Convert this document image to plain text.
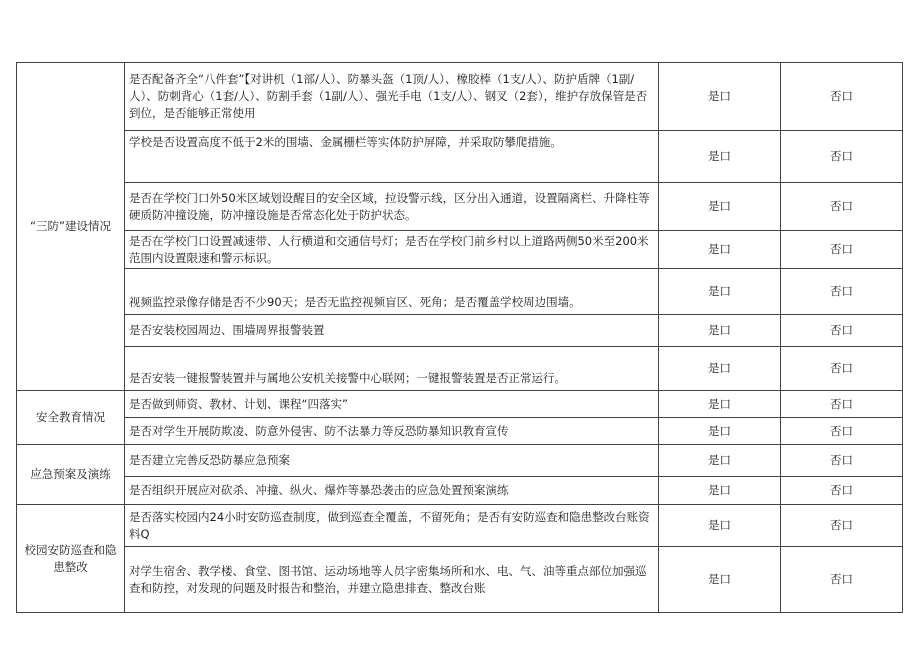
“三防”建设情况	是否配备齐全“八件套”【对讲机（1部/人）、防暴头盔（1顶/人）、橡胶棒（1支/人）、防护盾牌（1副/人）、防刺背心（1套/人）、防割手套（1副/人）、强光手电（1支/人）、钢叉（2套），维护存放保管是否到位，是否能够正常使用	是口	否口
	学校是否设置高度不低于2米的围墙、金属栅栏等实体防护屏障，并采取防攀爬措施。	是口	否口
	是否在学校门口外50米区域划设醒目的安全区域，拉设警示线，区分出入通道，设置隔离栏、升降柱等硬质防冲撞设施，防冲撞设施是否常态化处于防护状态。	是口	否口
	是否在学校门口设置减速带、人行横道和交通信号灯；是否在学校门前乡村以上道路两侧50米至200米范围内设置限速和警示标识。	是口	否口
	视频监控录像存储是否不少90天；是否无监控视频盲区、死角；是否覆盖学校周边围墙。	是口	否口
	是否安装校园周边、围墙周界报警装置	是口	否口
	是否安装一键报警装置并与属地公安机关接警中心联网；一键报警装置是否正常运行。	是口	否口
安全教育情况	是否做到师资、教材、计划、课程“四落实”	是口	否口
	是否对学生开展防欺凌、防意外侵害、防不法暴力等反恐防暴知识教育宣传	是口	否口
应急预案及演练	是否建立完善反恐防暴应急预案	是口	否口
	是否组织开展应对砍杀、冲撞、纵火、爆炸等暴恐袭击的应急处置预案演练	是口	否口
校园安防巡查和隐患整改	是否落实校园内24小时安防巡查制度，做到巡查全覆盖，不留死角；是否有安防巡查和隐患整改台账资料Q	是口	否口
	对学生宿舍、教学楼、食堂、图书馆、运动场地等人员字密集场所和水、电、气、油等重点部位加强巡查和防控，对发现的问题及时报告和整治，并建立隐患排查、整改台账	是口	否口
